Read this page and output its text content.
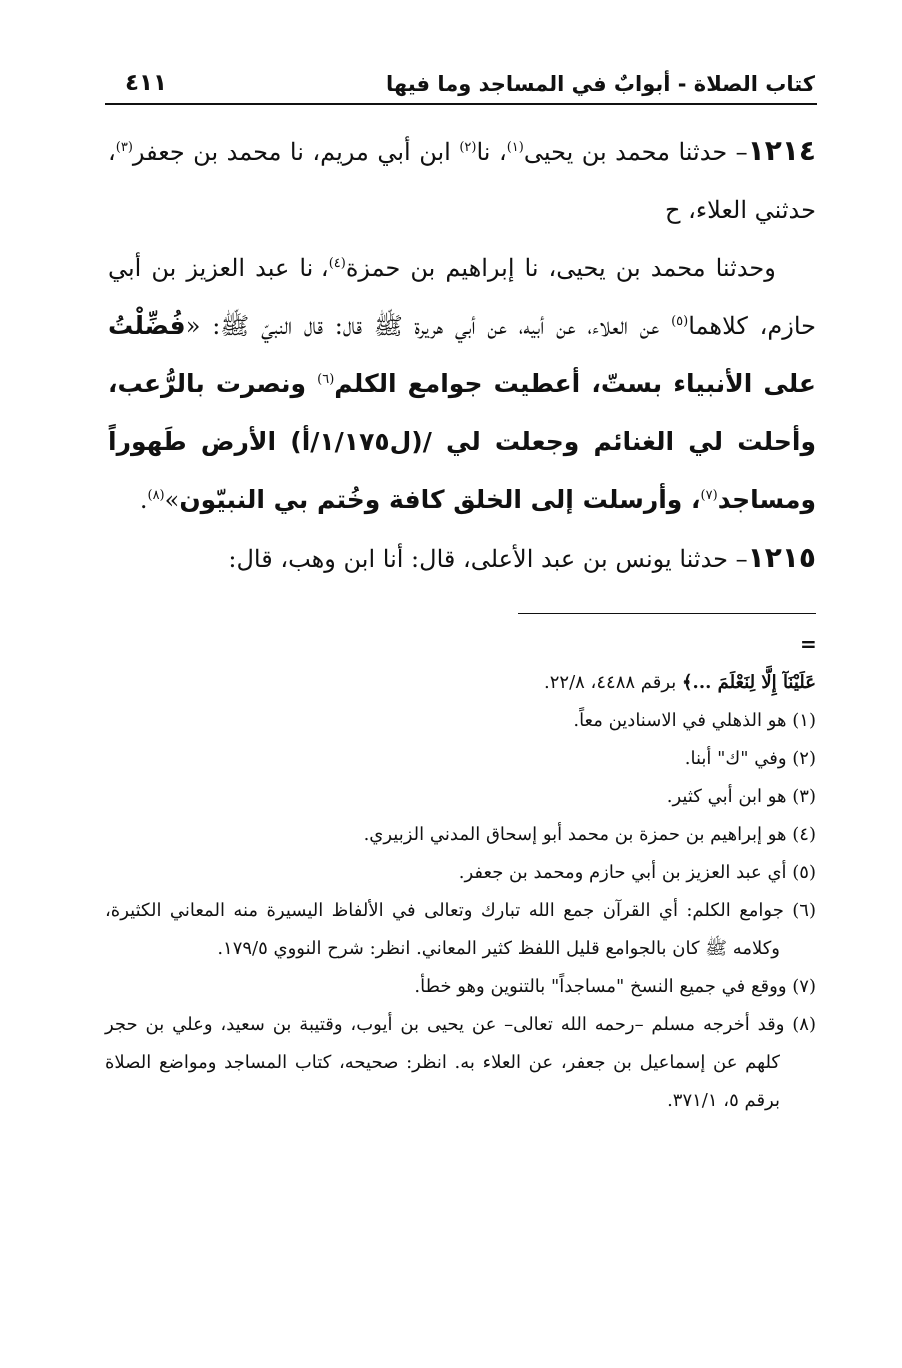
كتاب الصلاة - أبوابٌ في المساجد وما فيها
٤١١

١٢١٤– حدثنا محمد بن يحيى$^{(١)}$، نا$^{(٢)}$ ابن أبي مريم، نا محمد بن جعفر$^{(٣)}$، حدثني العلاء، ح

وحدثنا محمد بن يحيى، نا إبراهيم بن حمزة$^{(٤)}$، نا عبد العزيز بن أبي حازم، كلاهما$^{(٥)}$ عن العلاء، عن أبيه، عن أبي هريرة ﷺ قال: قال النبيّ ﷺ: «فُضِّلْتُ على الأنبياء بستّ، أعطيت جوامع الكلم$^{(٦)}$ ونصرت بالرُّعب، وأحلت لي الغنائم وجعلت لي /(ل١/١٧٥/أ) الأرض طَهوراً ومساجد$^{(٧)}$، وأرسلت إلى الخلق كافة وخُتم بي النبيّون»$^{(٨)}$.

١٢١٥– حدثنا يونس بن عبد الأعلى، قال: أنا ابن وهب، قال:

=

عَلَيْنَآ إِلَّا لِنَعْلَمَ ...﴾ برقم ٤٤٨٨، ٢٢/٨.

(١) هو الذهلي في الاسنادين معاً.

(٢) وفي "ك" أبنا.

(٣) هو ابن أبي كثير.

(٤) هو إبراهيم بن حمزة بن محمد أبو إسحاق المدني الزبيري.

(٥) أي عبد العزيز بن أبي حازم ومحمد بن جعفر.

(٦) جوامع الكلم: أي القرآن جمع الله تبارك وتعالى في الألفاظ اليسيرة منه المعاني الكثيرة، وكلامه ﷺ كان بالجوامع قليل اللفظ كثير المعاني. انظر: شرح النووي ١٧٩/٥.

(٧) ووقع في جميع النسخ "مساجداً" بالتنوين وهو خطأ.

(٨) وقد أخرجه مسلم –رحمه الله تعالى– عن يحيى بن أيوب، وقتيبة بن سعيد، وعلي بن حجر كلهم عن إسماعيل بن جعفر، عن العلاء به. انظر: صحيحه، كتاب المساجد ومواضع الصلاة برقم ٥، ٣٧١/١.
